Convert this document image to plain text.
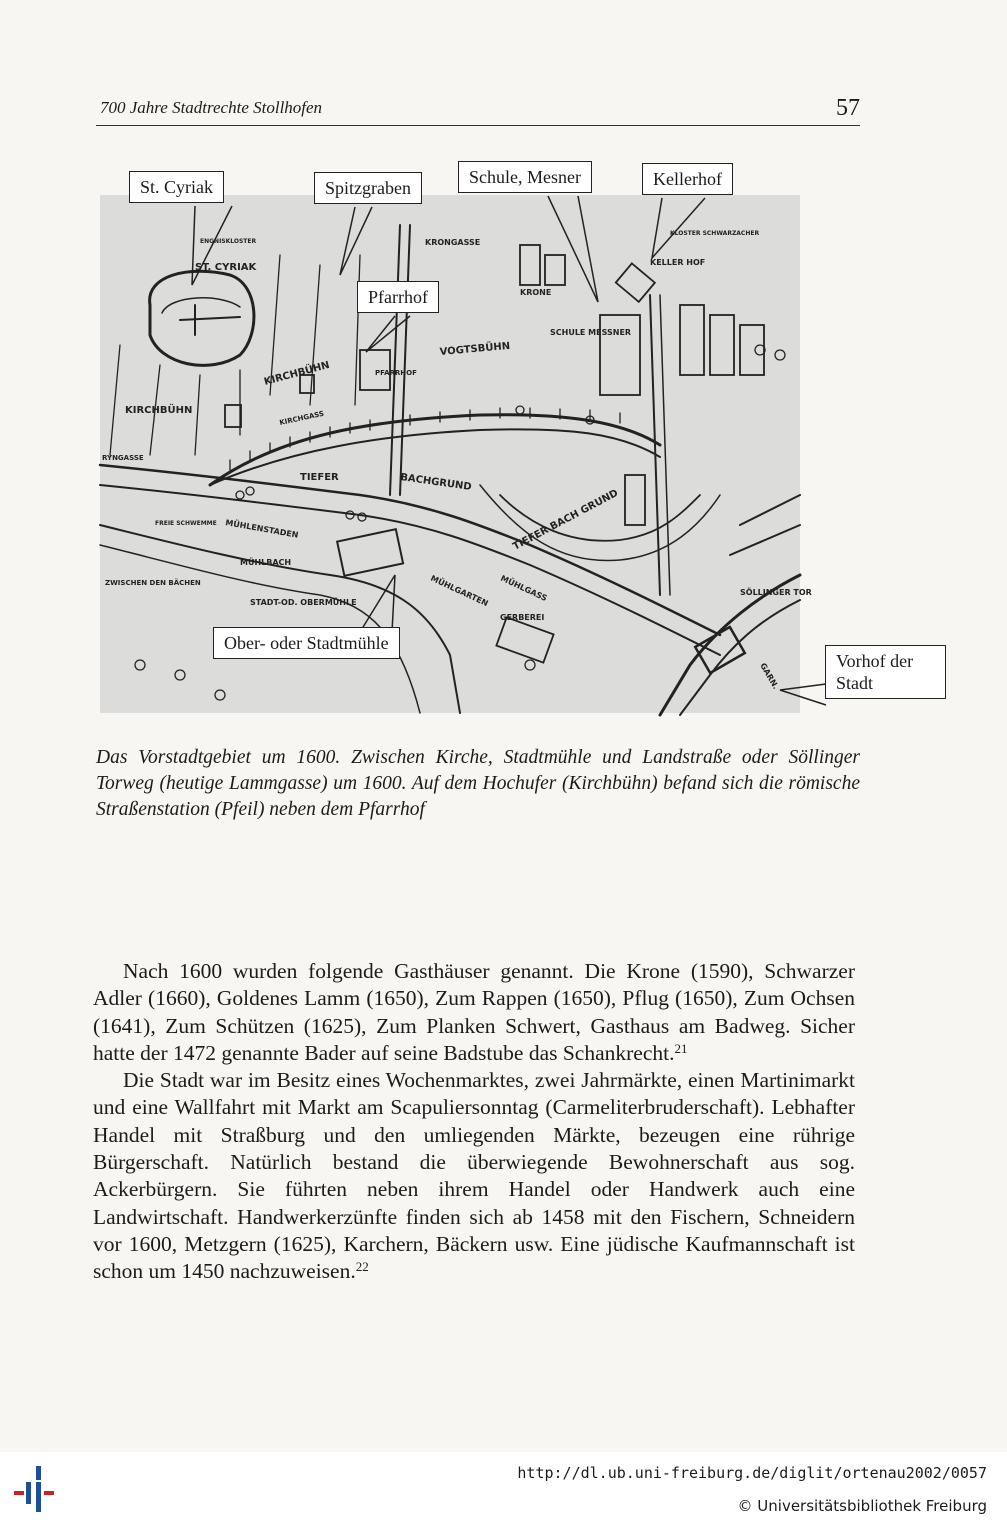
700 Jahre Stadtrechte Stollhofen	57
ST. CYRIAK
KIRCHBÜHN
KIRCHBÜHN
VOGTSBÜHN
SCHULE MESSNER
KRONGASSE
KRONE
KELLER HOF
PFARRHOF
TIEFER	BACHGRUND
TIEFER BACH GRUND
MÜHLENSTADEN
MÜHLBACH
STADT-OD. OBERMÜHLE	MÜHLGARTEN MÜHLGASS
GERBEREI
SÖLLINGER TOR
GARN.
ZWISCHEN DEN BÄCHEN
RYNGASSE
FREIE SCHWEMME
KIRCHGASS
ENGNISKLOSTER
KLOSTER SCHWARZACHER
St. Cyriak	Spitzgraben
Schule, Mesner	Kellerhof
Pfarrhof
Ober- oder Stadtmühle
Vorhof der
Stadt
Das Vorstadtgebiet um 1600. Zwischen Kirche, Stadtmühle und Landstraße oder Söllinger Torweg (heutige Lammgasse) um 1600. Auf dem Hochufer (Kirchbühn) befand sich die römische Straßenstation (Pfeil) neben dem Pfarrhof

Nach 1600 wurden folgende Gasthäuser genannt. Die Krone (1590), Schwarzer Adler (1660), Goldenes Lamm (1650), Zum Rappen (1650), Pflug (1650), Zum Ochsen (1641), Zum Schützen (1625), Zum Planken Schwert, Gasthaus am Badweg. Sicher hatte der 1472 genannte Bader auf seine Badstube das Schankrecht.$^{21}$

Die Stadt war im Besitz eines Wochenmarktes, zwei Jahrmärkte, einen Martinimarkt und eine Wallfahrt mit Markt am Scapuliersonntag (Carmeliterbruderschaft). Lebhafter Handel mit Straßburg und den umliegenden Märkte, bezeugen eine rührige Bürgerschaft. Natürlich bestand die überwiegende Bewohnerschaft aus sog. Ackerbürgern. Sie führten neben ihrem Handel oder Handwerk auch eine Landwirtschaft. Handwerkerzünfte finden sich ab 1458 mit den Fischern, Schneidern vor 1600, Metzgern (1625), Karchern, Bäckern usw. Eine jüdische Kaufmannschaft ist schon um 1450 nachzuweisen.$^{22}$

http://dl.ub.uni-freiburg.de/diglit/ortenau2002/0057
© Universitätsbibliothek Freiburg
